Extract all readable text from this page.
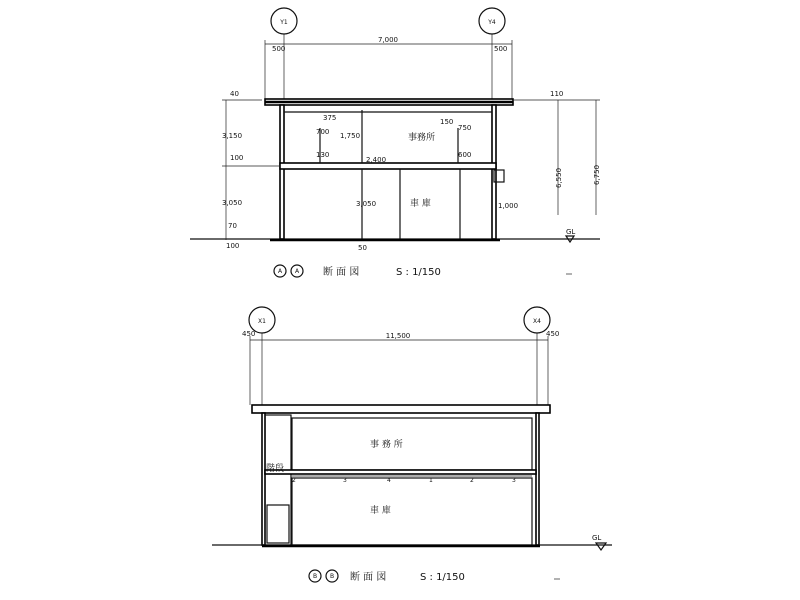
Y1	Y4
7,000
500	500
40
3,150
100
3,050
70
100
110
6,550	6,750
375	150
1,750
700	750
600
130
1,000
2,400
50
事務所
3,050	車 庫
GL
A A 断 面 図	S : 1/150
X1	X4
11,500
450	450
2	3	4	1	2	3
事 務 所
階段
車 庫
GL
B B 断 面 図	S : 1/150
